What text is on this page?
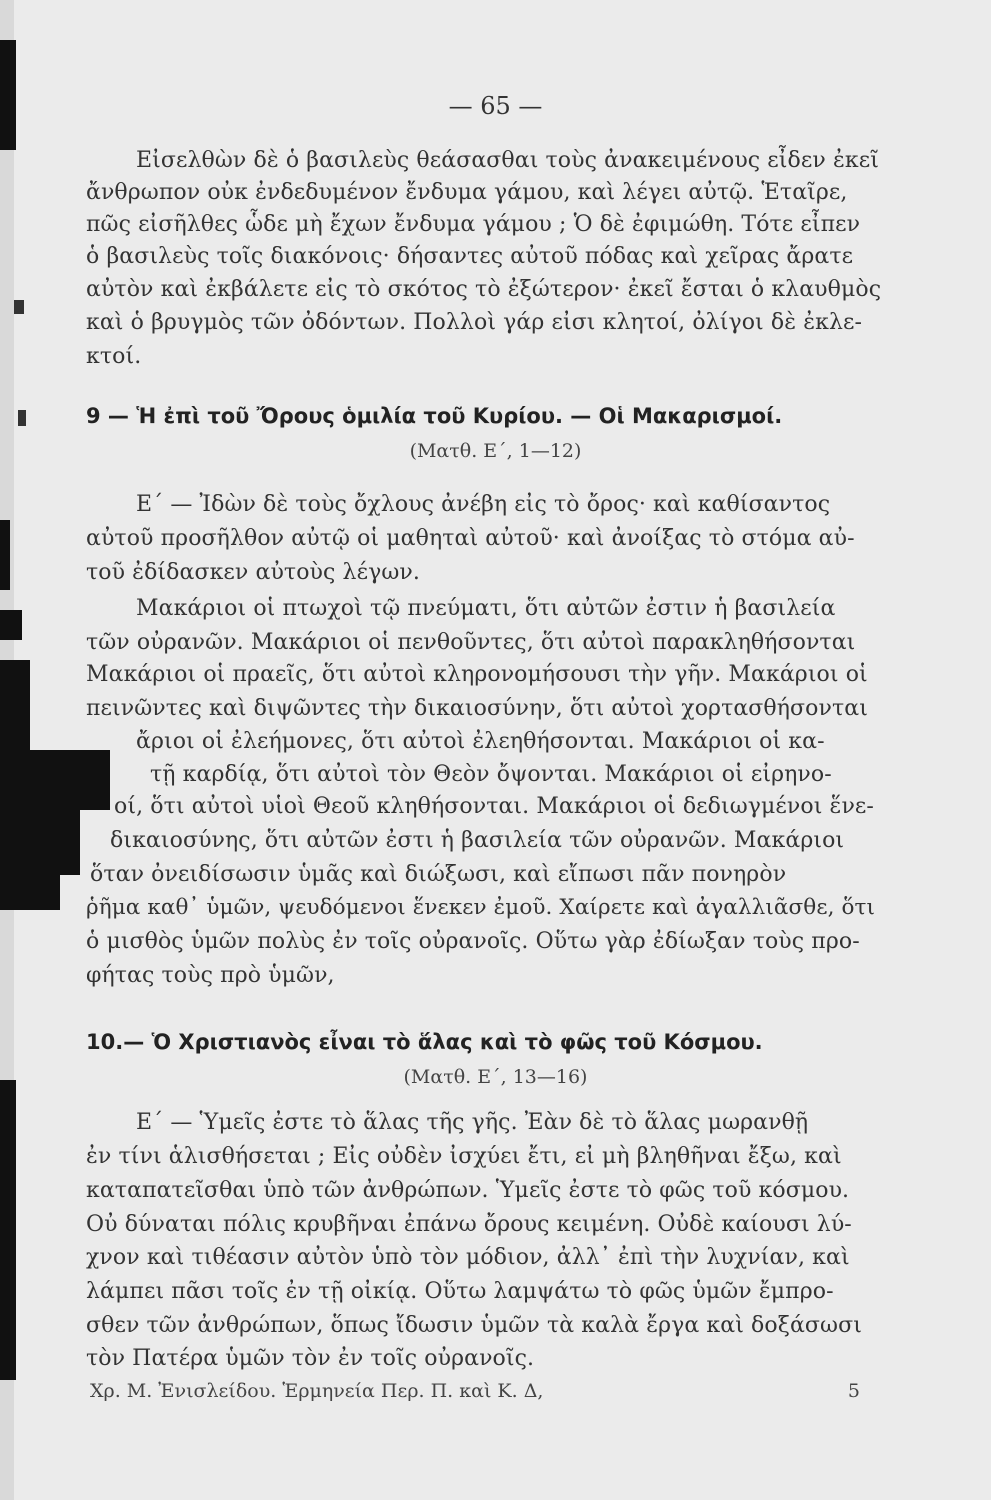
— 65 —
Εἰσελθὼν δὲ ὁ βασιλεὺς θεάσασθαι τοὺς ἀνακειμένους εἶδεν ἐκεῖ
ἄνθρωπον οὐκ ἐνδεδυμένον ἔνδυμα γάμου, καὶ λέγει αὐτῷ. Ἑταῖρε,
πῶς εἰσῆλθες ὧδε μὴ ἔχων ἔνδυμα γάμου ; Ὁ δὲ ἐφιμώθη. Τότε εἶπεν
ὁ βασιλεὺς τοῖς διακόνοις· δήσαντες αὐτοῦ πόδας καὶ χεῖρας ἄρατε
αὐτὸν καὶ ἐκβάλετε εἰς τὸ σκότος τὸ ἐξώτερον· ἐκεῖ ἔσται ὁ κλαυθμὸς
καὶ ὁ βρυγμὸς τῶν ὀδόντων. Πολλοὶ γάρ εἰσι κλητοί, ὀλίγοι δὲ ἐκλε-
κτοί.
9 — Ἡ ἐπὶ τοῦ Ὄρους ὁμιλία τοῦ Κυρίου. — Οἱ Μακαρισμοί.
(Ματθ. Ε΄, 1—12)
Ε΄ — Ἰδὼν δὲ τοὺς ὄχλους ἀνέβη εἰς τὸ ὄρος· καὶ καθίσαντος
αὐτοῦ προσῆλθον αὐτῷ οἱ μαθηταὶ αὐτοῦ· καὶ ἀνοίξας τὸ στόμα αὐ-
τοῦ ἐδίδασκεν αὐτοὺς λέγων.
Μακάριοι οἱ πτωχοὶ τῷ πνεύματι, ὅτι αὐτῶν ἐστιν ἡ βασιλεία
τῶν οὐρανῶν. Μακάριοι οἱ πενθοῦντες, ὅτι αὐτοὶ παρακληθήσονται
Μακάριοι οἱ πραεῖς, ὅτι αὐτοὶ κληρονομήσουσι τὴν γῆν. Μακάριοι οἱ
πεινῶντες καὶ διψῶντες τὴν δικαιοσύνην, ὅτι αὐτοὶ χορτασθήσονται
ἄριοι οἱ ἐλεήμονες, ὅτι αὐτοὶ ἐλεηθήσονται. Μακάριοι οἱ κα-
τῇ καρδίᾳ, ὅτι αὐτοὶ τὸν Θεὸν ὄψονται. Μακάριοι οἱ εἰρηνο-
οί, ὅτι αὐτοὶ υἱοὶ Θεοῦ κληθήσονται. Μακάριοι οἱ δεδιωγμένοι ἕνε-
δικαιοσύνης, ὅτι αὐτῶν ἐστι ἡ βασιλεία τῶν οὐρανῶν. Μακάριοι
ὅταν ὀνειδίσωσιν ὑμᾶς καὶ διώξωσι, καὶ εἴπωσι πᾶν πονηρὸν
ῥῆμα καθ᾿ ὑμῶν, ψευδόμενοι ἕνεκεν ἐμοῦ. Χαίρετε καὶ ἀγαλλιᾶσθε, ὅτι
ὁ μισθὸς ὑμῶν πολὺς ἐν τοῖς οὐρανοῖς. Οὕτω γὰρ ἐδίωξαν τοὺς προ-
φήτας τοὺς πρὸ ὑμῶν,
10.— Ὁ Χριστιανὸς εἶναι τὸ ἅλας καὶ τὸ φῶς τοῦ Κόσμου.
(Ματθ. Ε΄, 13—16)
Ε΄ — Ὑμεῖς ἐστε τὸ ἅλας τῆς γῆς. Ἐὰν δὲ τὸ ἅλας μωρανθῇ
ἐν τίνι ἁλισθήσεται ; Εἰς οὐδὲν ἰσχύει ἔτι, εἰ μὴ βληθῆναι ἔξω, καὶ
καταπατεῖσθαι ὑπὸ τῶν ἀνθρώπων. Ὑμεῖς ἐστε τὸ φῶς τοῦ κόσμου.
Οὐ δύναται πόλις κρυβῆναι ἐπάνω ὄρους κειμένη. Οὐδὲ καίουσι λύ-
χνον καὶ τιθέασιν αὐτὸν ὑπὸ τὸν μόδιον, ἀλλ᾿ ἐπὶ τὴν λυχνίαν, καὶ
λάμπει πᾶσι τοῖς ἐν τῇ οἰκίᾳ. Οὕτω λαμψάτω τὸ φῶς ὑμῶν ἔμπρο-
σθεν τῶν ἀνθρώπων, ὅπως ἴδωσιν ὑμῶν τὰ καλὰ ἔργα καὶ δοξάσωσι
τὸν Πατέρα ὑμῶν τὸν ἐν τοῖς οὐρανοῖς.
Χρ. Μ. Ἐνισλείδου. Ἑρμηνεία Περ. Π. καὶ Κ. Δ,	5
